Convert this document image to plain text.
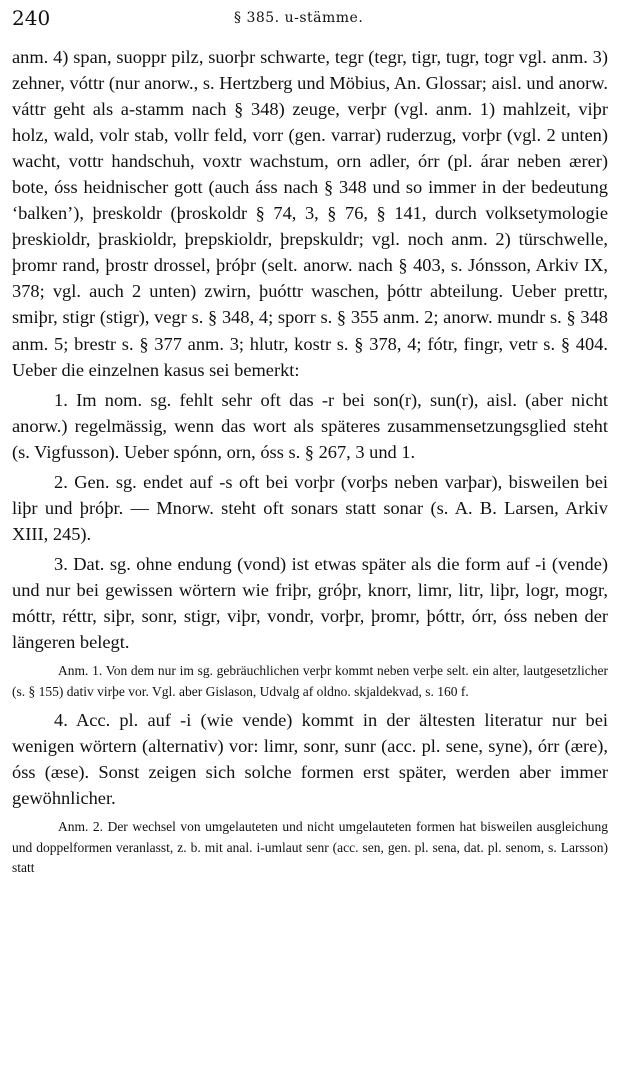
240	§ 385. u-stämme.

anm. 4) span, suoppr pilz, suorþr schwarte, tegr (tegr, tigr, tugr, togr vgl. anm. 3) zehner, vóttr (nur anorw., s. Hertzberg und Möbius, An. Glossar; aisl. und anorw. váttr geht als a-stamm nach § 348) zeuge, verþr (vgl. anm. 1) mahlzeit, viþr holz, wald, volr stab, vollr feld, vorr (gen. varrar) ruderzug, vorþr (vgl. 2 unten) wacht, vottr handschuh, voxtr wachstum, orn adler, órr (pl. árar neben ærer) bote, óss heidnischer gott (auch áss nach § 348 und so immer in der bedeutung ‘balken’), þreskoldr (þroskoldr § 74, 3, § 76, § 141, durch volksetymologie þreskioldr, þraskioldr, þrepskioldr, þrepskuldr; vgl. noch anm. 2) türschwelle, þromr rand, þrostr drossel, þróþr (selt. anorw. nach § 403, s. Jónsson, Arkiv IX, 378; vgl. auch 2 unten) zwirn, þuóttr waschen, þóttr abteilung. Ueber prettr, smiþr, stigr (stigr), vegr s. § 348, 4; sporr s. § 355 anm. 2; anorw. mundr s. § 348 anm. 5; brestr s. § 377 anm. 3; hlutr, kostr s. § 378, 4; fótr, fingr, vetr s. § 404. Ueber die einzelnen kasus sei bemerkt:

1. Im nom. sg. fehlt sehr oft das -r bei son(r), sun(r), aisl. (aber nicht anorw.) regelmässig, wenn das wort als späteres zusammensetzungsglied steht (s. Vigfusson). Ueber spónn, orn, óss s. § 267, 3 und 1.

2. Gen. sg. endet auf -s oft bei vorþr (vorþs neben varþar), bisweilen bei liþr und þróþr. — Mnorw. steht oft sonars statt sonar (s. A. B. Larsen, Arkiv XIII, 245).

3. Dat. sg. ohne endung (vond) ist etwas später als die form auf -i (vende) und nur bei gewissen wörtern wie friþr, gróþr, knorr, limr, litr, liþr, logr, mogr, móttr, réttr, siþr, sonr, stigr, viþr, vondr, vorþr, þromr, þóttr, órr, óss neben der längeren belegt.

Anm. 1. Von dem nur im sg. gebräuchlichen verþr kommt neben verþe selt. ein alter, lautgesetzlicher (s. § 155) dativ virþe vor. Vgl. aber Gislason, Udvalg af oldno. skjaldekvad, s. 160 f.

4. Acc. pl. auf -i (wie vende) kommt in der ältesten literatur nur bei wenigen wörtern (alternativ) vor: limr, sonr, sunr (acc. pl. sene, syne), órr (ære), óss (æse). Sonst zeigen sich solche formen erst später, werden aber immer gewöhnlicher.

Anm. 2. Der wechsel von umgelauteten und nicht umgelauteten formen hat bisweilen ausgleichung und doppelformen veranlasst, z. b. mit anal. i-umlaut senr (acc. sen, gen. pl. sena, dat. pl. senom, s. Larsson) statt
